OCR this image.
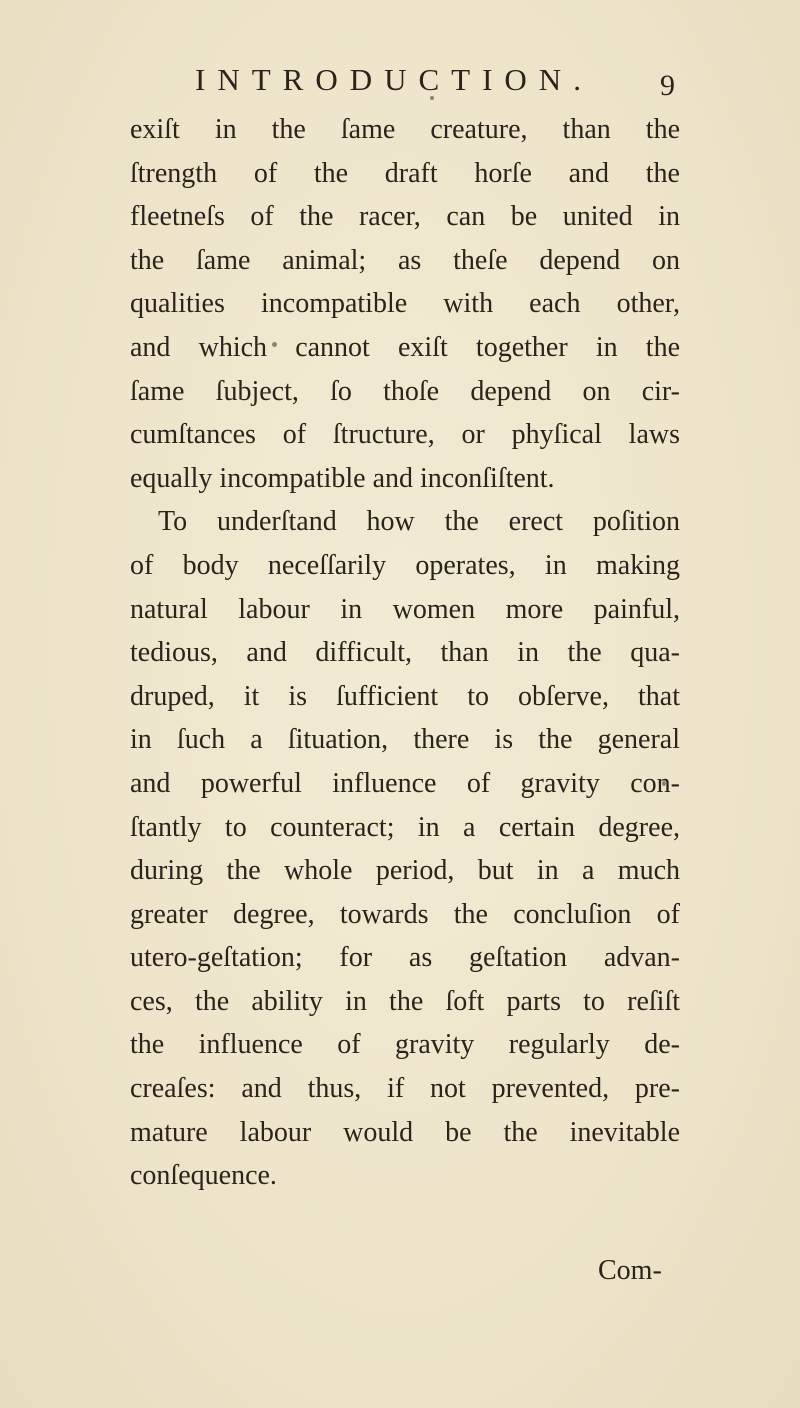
INTRODUCTION. 9
exiſt in the ſame creature, than the
ſtrength of the draft horſe and the
fleetneſs of the racer, can be united in
the ſame animal; as theſe depend on
qualities incompatible with each other,
and which cannot exiſt together in the
ſame ſubject, ſo thoſe depend on cir-
cumſtances of ſtructure, or phyſical laws
equally incompatible and inconſiſtent.
To underſtand how the erect poſition
of body neceſſarily operates, in making
natural labour in women more painful,
tedious, and difficult, than in the qua-
druped, it is ſufficient to obſerve, that
in ſuch a ſituation, there is the general
and powerful influence of gravity con-
ſtantly to counteract; in a certain degree,
during the whole period, but in a much
greater degree, towards the concluſion of
utero-geſtation; for as geſtation advan-
ces, the ability in the ſoft parts to reſiſt
the influence of gravity regularly de-
creaſes: and thus, if not prevented, pre-
mature labour would be the inevitable
conſequence.
Com-
